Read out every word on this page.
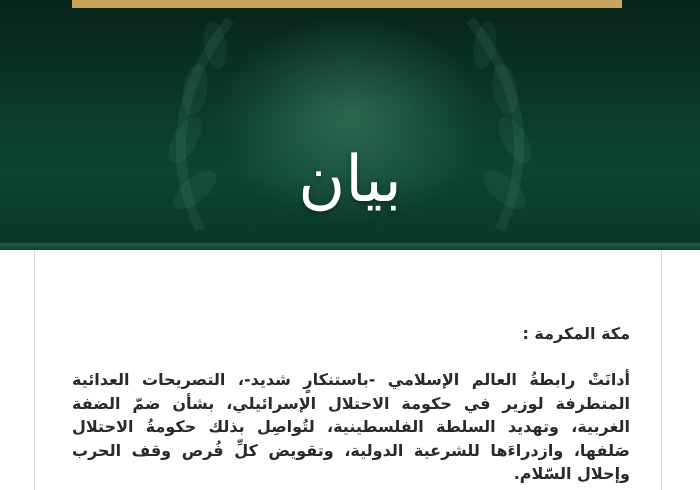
بيان
مكة المكرمة :
أدانَتْ رابطةُ العالم الإسلامي -باستنكارٍ شديد-، التصريحات العدائية المتطرفة لوزير في حكومة الاحتلال الإسرائيلي، بشأن ضمّ الضفة الغربية، وتهديد السلطة الفلسطينية، لتُواصِل بذلك حكومةُ الاحتلال صَلفها، وازدراءَها للشرعية الدولية، وتقويض كلِّ فُرص وقف الحرب وإحلال السّلام.
